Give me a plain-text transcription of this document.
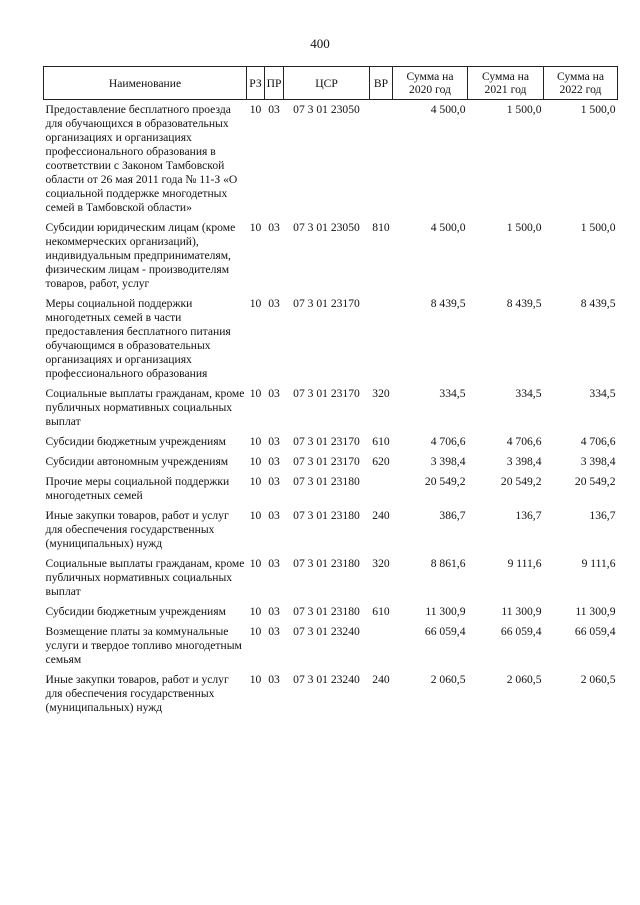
400
Наименование	РЗ	ПР	ЦСР	ВР	Сумма на 2020 год	Сумма на 2021 год	Сумма на 2022 год
Предоставление бесплатного проезда для обучающихся в образовательных организациях и организациях профессионального образования в соответствии с Законом Тамбовской области от 26 мая 2011 года № 11-З «О социальной поддержке многодетных семей в Тамбовской области»	10	03	07 3 01 23050		4 500,0	1 500,0	1 500,0
Субсидии юридическим лицам (кроме некоммерческих организаций), индивидуальным предпринимателям, физическим лицам - производителям товаров, работ, услуг	10	03	07 3 01 23050	810	4 500,0	1 500,0	1 500,0
Меры социальной поддержки многодетных семей в части предоставления бесплатного питания обучающимся в образовательных организациях и организациях профессионального образования	10	03	07 3 01 23170		8 439,5	8 439,5	8 439,5
Социальные выплаты гражданам, кроме публичных нормативных социальных выплат	10	03	07 3 01 23170	320	334,5	334,5	334,5
Субсидии бюджетным учреждениям	10	03	07 3 01 23170	610	4 706,6	4 706,6	4 706,6
Субсидии автономным учреждениям	10	03	07 3 01 23170	620	3 398,4	3 398,4	3 398,4
Прочие меры социальной поддержки многодетных семей	10	03	07 3 01 23180		20 549,2	20 549,2	20 549,2
Иные закупки товаров, работ и услуг для обеспечения государственных (муниципальных) нужд	10	03	07 3 01 23180	240	386,7	136,7	136,7
Социальные выплаты гражданам, кроме публичных нормативных социальных выплат	10	03	07 3 01 23180	320	8 861,6	9 111,6	9 111,6
Субсидии бюджетным учреждениям	10	03	07 3 01 23180	610	11 300,9	11 300,9	11 300,9
Возмещение платы за коммунальные услуги и твердое топливо многодетным семьям	10	03	07 3 01 23240		66 059,4	66 059,4	66 059,4
Иные закупки товаров, работ и услуг для обеспечения государственных (муниципальных) нужд	10	03	07 3 01 23240	240	2 060,5	2 060,5	2 060,5
